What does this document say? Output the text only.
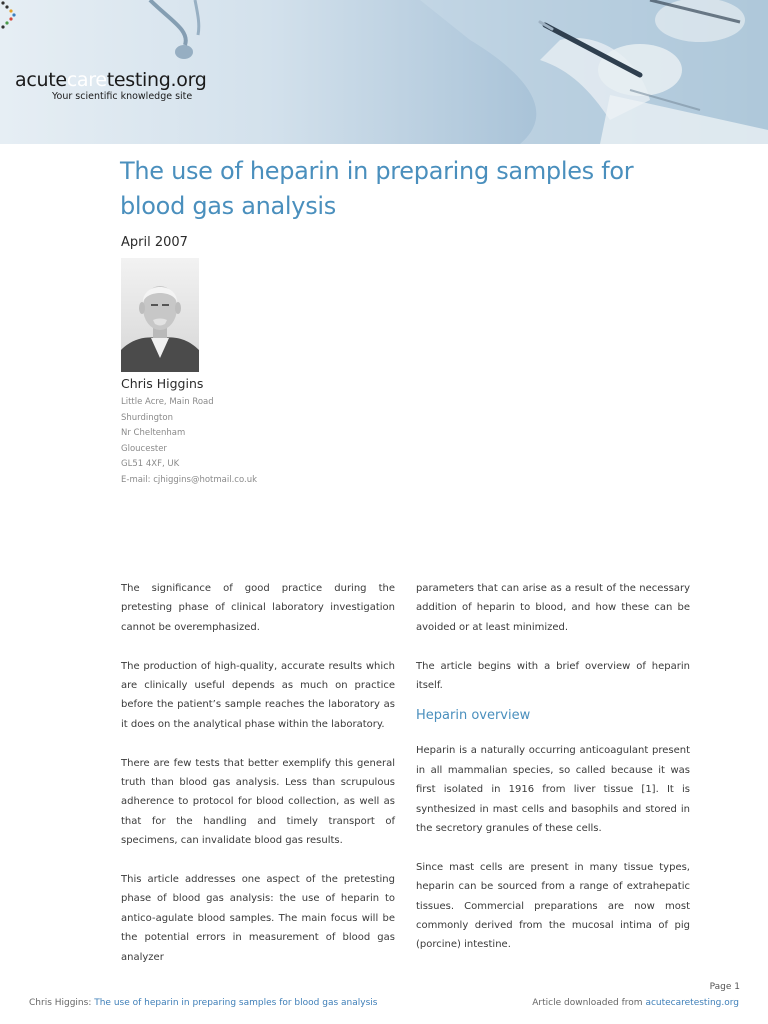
acutecaretesting.org
Your scientific knowledge site
The use of heparin in preparing samples for blood gas analysis
April 2007
Chris Higgins
Little Acre, Main Road
Shurdington
Nr Cheltenham
Gloucester
GL51 4XF, UK
E-mail: cjhiggins@hotmail.co.uk

The significance of good practice during the pretesting phase of clinical laboratory investigation cannot be overemphasized.

The production of high-quality, accurate results which are clinically useful depends as much on practice before the patient’s sample reaches the laboratory as it does on the analytical phase within the laboratory.

There are few tests that better exemplify this general truth than blood gas analysis. Less than scrupulous adherence to protocol for blood collection, as well as that for the handling and timely transport of specimens, can invalidate blood gas results.

This article addresses one aspect of the pretesting phase of blood gas analysis: the use of heparin to antico-agulate blood samples. The main focus will be the potential errors in measurement of blood gas analyzer

parameters that can arise as a result of the necessary addition of heparin to blood, and how these can be avoided or at least minimized.

The article begins with a brief overview of heparin itself.

Heparin overview

Heparin is a naturally occurring anticoagulant present in all mammalian species, so called because it was first isolated in 1916 from liver tissue [1]. It is synthesized in mast cells and basophils and stored in the secretory granules of these cells.

Since mast cells are present in many tissue types, heparin can be sourced from a range of extrahepatic tissues. Commercial preparations are now most commonly derived from the mucosal intima of pig (porcine) intestine.

Page 1
Chris Higgins: The use of heparin in preparing samples for blood gas analysis	Article downloaded from acutecaretesting.org
